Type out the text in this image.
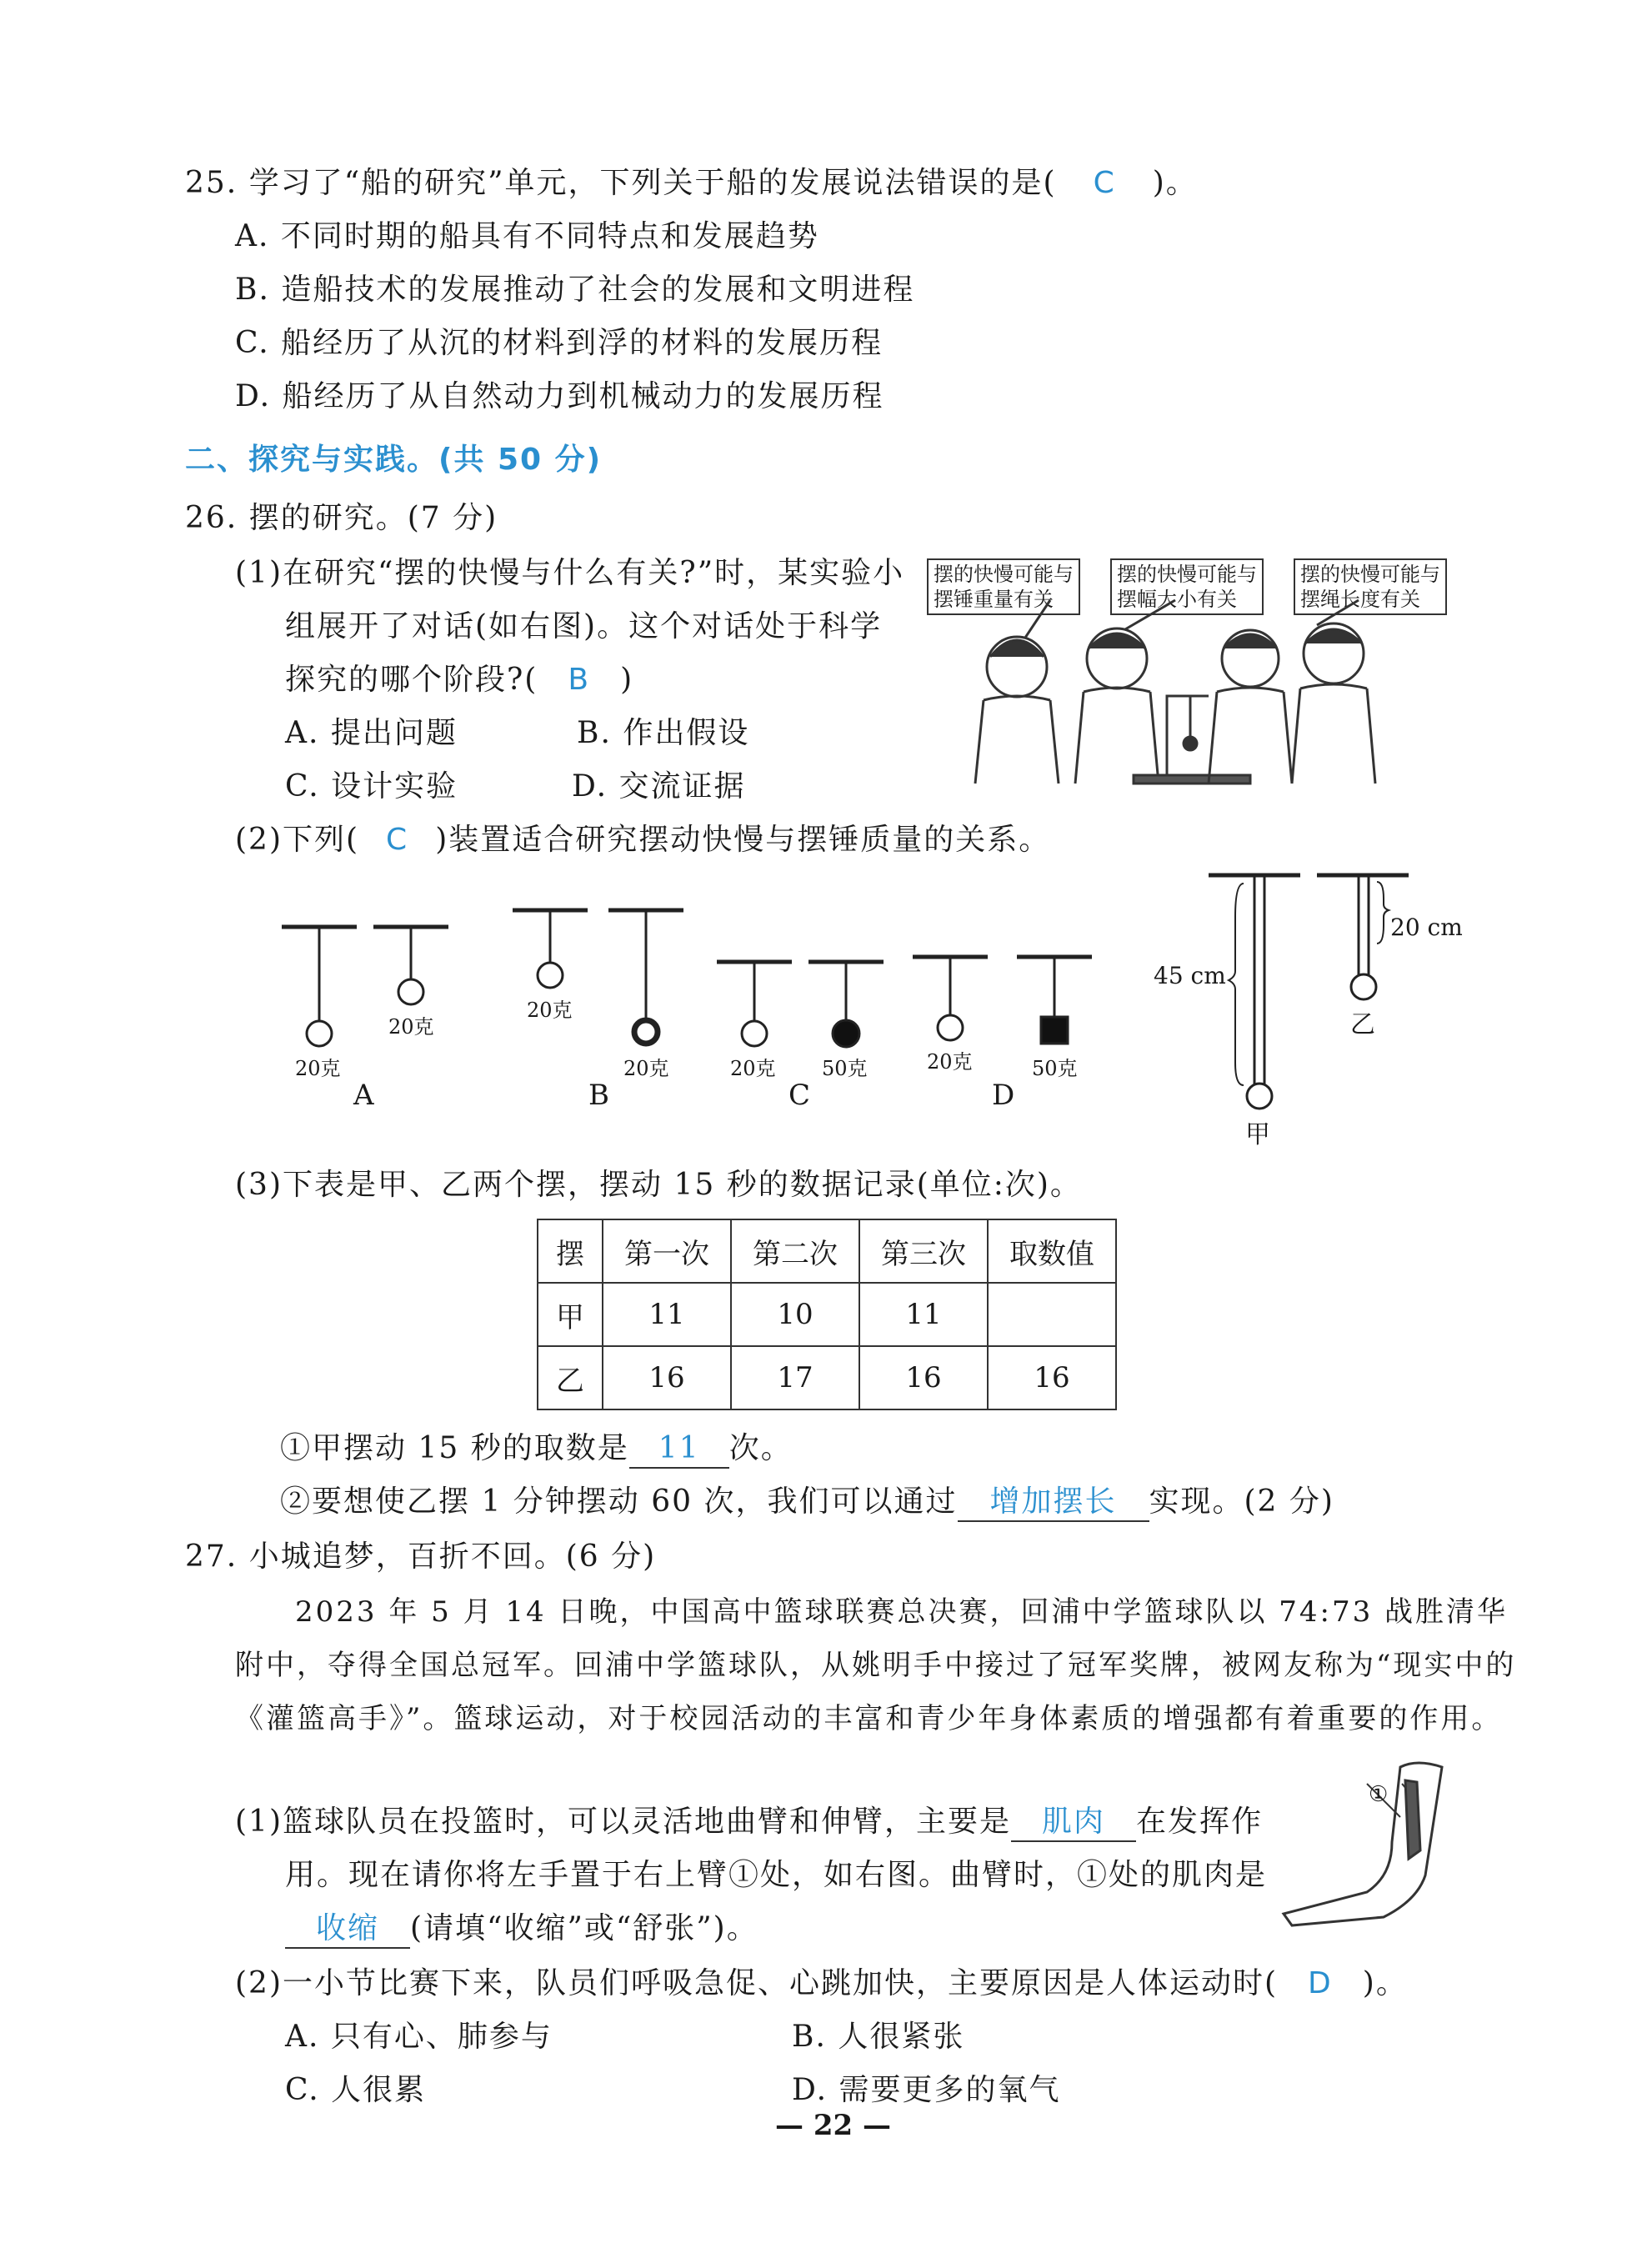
25. 学习了“船的研究”单元，下列关于船的发展说法错误的是( C )。
A. 不同时期的船具有不同特点和发展趋势
B. 造船技术的发展推动了社会的发展和文明进程
C. 船经历了从沉的材料到浮的材料的发展历程
D. 船经历了从自然动力到机械动力的发展历程
二、探究与实践。(共 50 分)
26. 摆的研究。(7 分)
(1)在研究“摆的快慢与什么有关?”时，某实验小
组展开了对话(如右图)。这个对话处于科学
探究的哪个阶段?( B )
A. 提出问题	B. 作出假设
C. 设计实验	D. 交流证据
摆的快慢可能与
摆锤重量有关
摆的快慢可能与
摆幅大小有关
摆的快慢可能与
摆绳长度有关
(2)下列( C )装置适合研究摆动快慢与摆锤质量的关系。
20克
20克
20克
20克	20克 50克	20克	50克
A	B	C	D
45 cm
20 cm
甲
乙
(3)下表是甲、乙两个摆，摆动 15 秒的数据记录(单位:次)。
摆	第一次	第二次	第三次	取数值
甲	11	10	11	
乙	16	17	16	16
①甲摆动 15 秒的取数是 11 次。
②要想使乙摆 1 分钟摆动 60 次，我们可以通过 增加摆长 实现。(2 分)
27. 小城追梦，百折不回。(6 分)
2023 年 5 月 14 日晚，中国高中篮球联赛总决赛，回浦中学篮球队以 74:73 战胜清华附中，夺得全国总冠军。回浦中学篮球队，从姚明手中接过了冠军奖牌，被网友称为“现实中的《灌篮高手》”。篮球运动，对于校园活动的丰富和青少年身体素质的增强都有着重要的作用。
(1)篮球队员在投篮时，可以灵活地曲臂和伸臂，主要是 肌肉 在发挥作
用。现在请你将左手置于右上臂①处，如右图。曲臂时，①处的肌肉是
收缩 (请填“收缩”或“舒张”)。
①
(2)一小节比赛下来，队员们呼吸急促、心跳加快，主要原因是人体运动时( D )。
A. 只有心、肺参与	B. 人很紧张
C. 人很累	D. 需要更多的氧气
— 22 —
